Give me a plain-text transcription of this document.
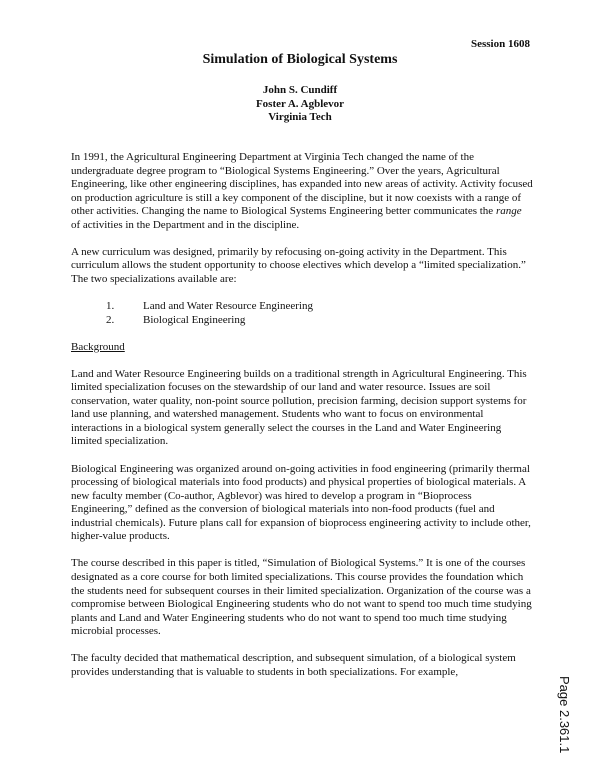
Session 1608
Simulation of Biological Systems
John S. Cundiff
Foster A. Agblevor
Virginia Tech

In 1991, the Agricultural Engineering Department at Virginia Tech changed the name of the undergraduate degree program to “Biological Systems Engineering.” Over the years, Agricultural Engineering, like other engineering disciplines, has expanded into new areas of activity. Activity focused on production agriculture is still a key component of the discipline, but it now coexists with a range of other activities. Changing the name to Biological Systems Engineering better communicates the range of activities in the Department and in the discipline.

A new curriculum was designed, primarily by refocusing on-going activity in the Department. This curriculum allows the student opportunity to choose electives which develop a “limited specialization.” The two specializations available are:

1.	Land and Water Resource Engineering
2.	Biological Engineering
Background

Land and Water Resource Engineering builds on a traditional strength in Agricultural Engineering. This limited specialization focuses on the stewardship of our land and water resource. Issues are soil conservation, water quality, non-point source pollution, precision farming, decision support systems for land use planning, and watershed management. Students who want to focus on environmental interactions in a biological system generally select the courses in the Land and Water Engineering limited specialization.

Biological Engineering was organized around on-going activities in food engineering (primarily thermal processing of biological materials into food products) and physical properties of biological materials. A new faculty member (Co-author, Agblevor) was hired to develop a program in “Bioprocess Engineering,” defined as the conversion of biological materials into non-food products (fuel and industrial chemicals). Future plans call for expansion of bioprocess engineering activity to include other, higher-value products.

The course described in this paper is titled, “Simulation of Biological Systems.” It is one of the courses designated as a core course for both limited specializations. This course provides the foundation which the students need for subsequent courses in their limited specialization. Organization of the course was a compromise between Biological Engineering students who do not want to spend too much time studying plants and Land and Water Engineering students who do not want to spend too much time studying microbial processes.

The faculty decided that mathematical description, and subsequent simulation, of a biological system provides understanding that is valuable to students in both specializations. For example,

Page 2.361.1
